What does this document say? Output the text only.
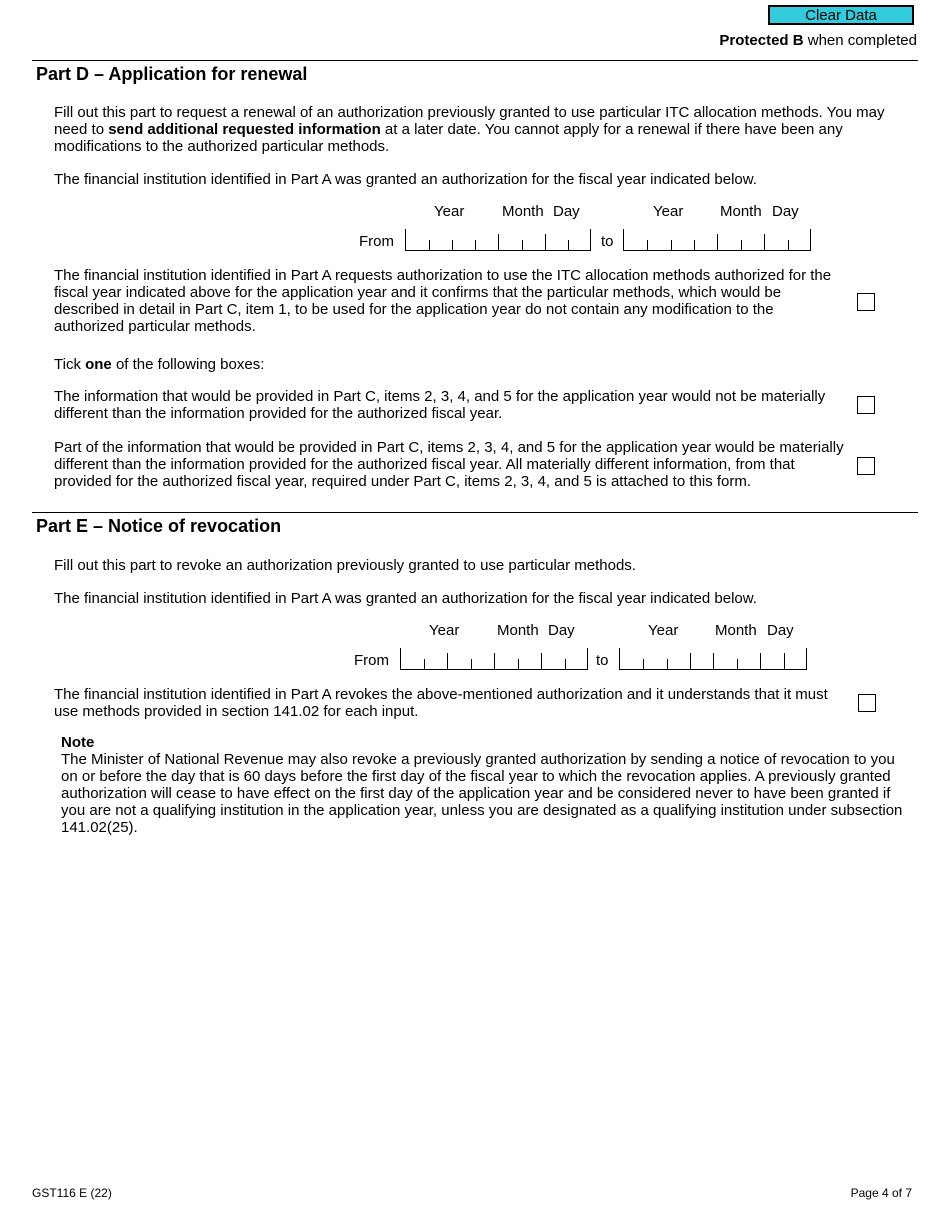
Clear Data
Protected B when completed
Part D – Application for renewal
Fill out this part to request a renewal of an authorization previously granted to use particular ITC allocation methods. You may need to send additional requested information at a later date. You cannot apply for a renewal if there have been any modifications to the authorized particular methods.
The financial institution identified in Part A was granted an authorization for the fiscal year indicated below.
Year	Month Day	Year Month Day
From	to
The financial institution identified in Part A requests authorization to use the ITC allocation methods authorized for the fiscal year indicated above for the application year and it confirms that the particular methods, which would be described in detail in Part C, item 1, to be used for the application year do not contain any modification to the authorized particular methods.
Tick one of the following boxes:
The information that would be provided in Part C, items 2, 3, 4, and 5 for the application year would not be materially different than the information provided for the authorized fiscal year.
Part of the information that would be provided in Part C, items 2, 3, 4, and 5 for the application year would be materially different than the information provided for the authorized fiscal year. All materially different information, from that provided for the authorized fiscal year, required under Part C, items 2, 3, 4, and 5 is attached to this form.
Part E – Notice of revocation
Fill out this part to revoke an authorization previously granted to use particular methods.
The financial institution identified in Part A was granted an authorization for the fiscal year indicated below.
Year	Month Day	Year Month Day
From	to
The financial institution identified in Part A revokes the above-mentioned authorization and it understands that it must use methods provided in section 141.02 for each input.
Note
The Minister of National Revenue may also revoke a previously granted authorization by sending a notice of revocation to you on or before the day that is 60 days before the first day of the fiscal year to which the revocation applies. A previously granted authorization will cease to have effect on the first day of the application year and be considered never to have been granted if you are not a qualifying institution in the application year, unless you are designated as a qualifying institution under subsection 141.02(25).
GST116 E (22)	Page 4 of 7
